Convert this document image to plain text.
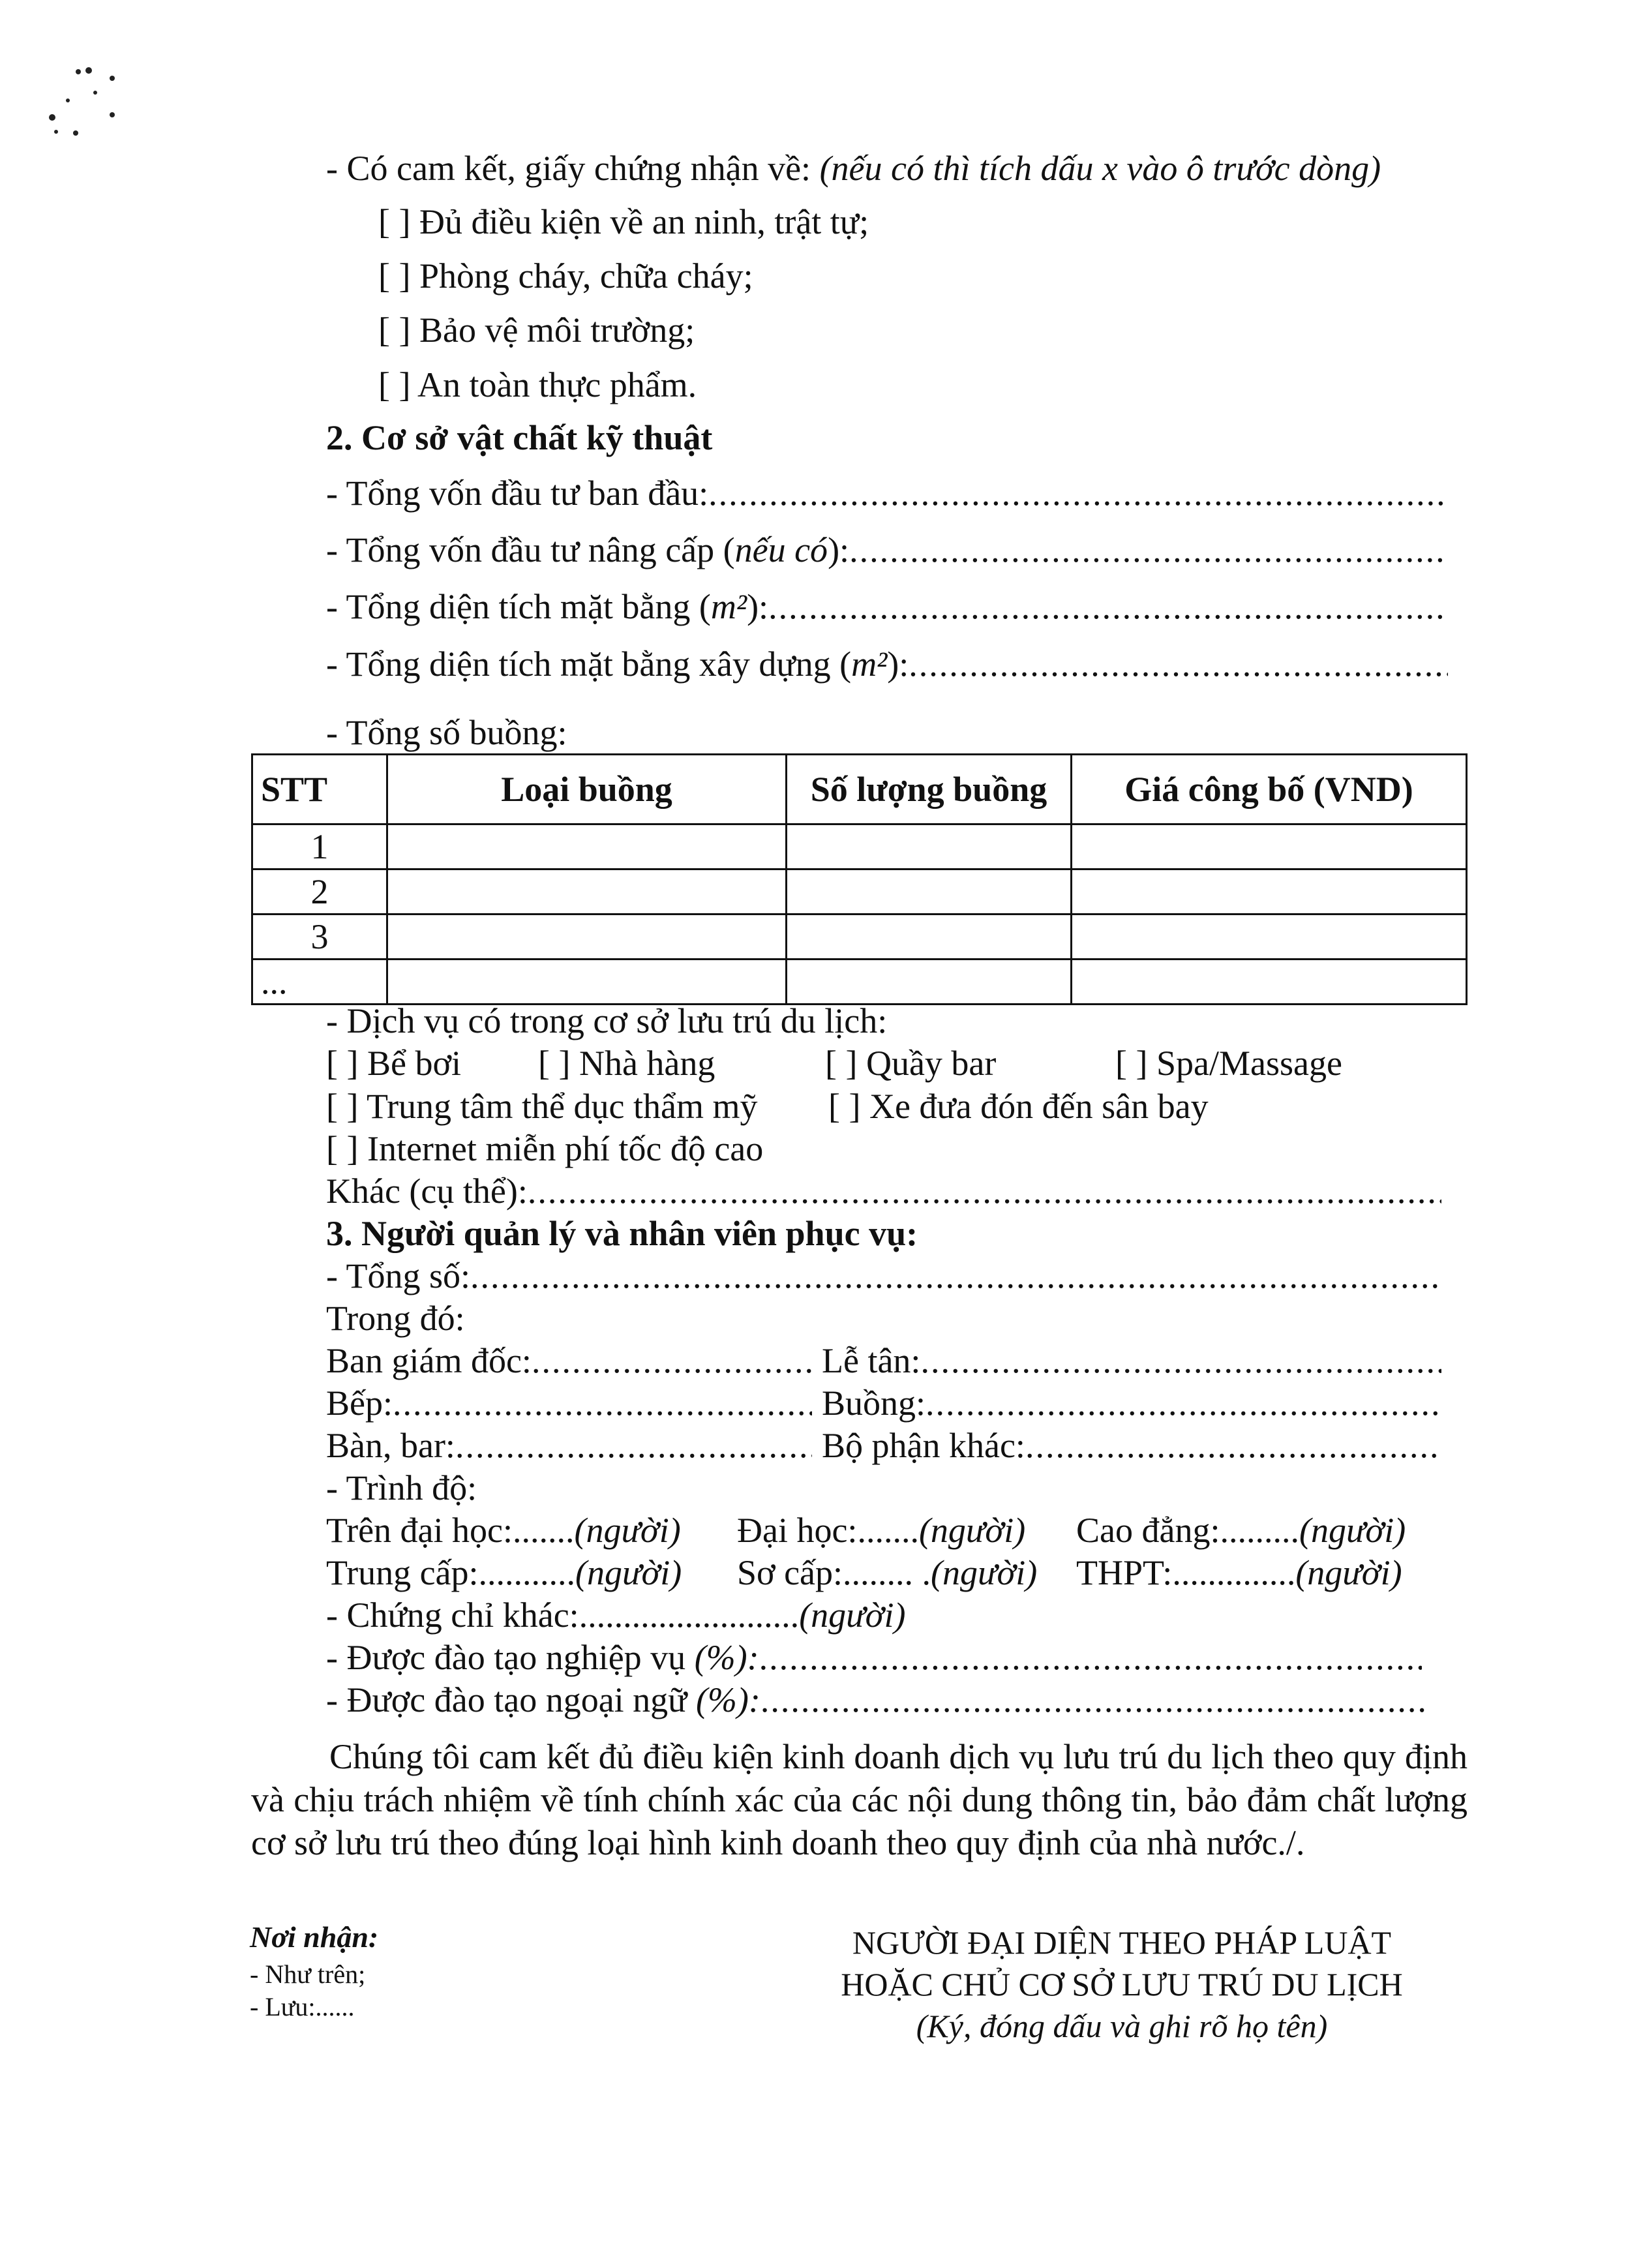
- Có cam kết, giấy chứng nhận về: (nếu có thì tích dấu x vào ô trước dòng)
[ ] Đủ điều kiện về an ninh, trật tự;
[ ] Phòng cháy, chữa cháy;
[ ] Bảo vệ môi trường;
[ ] An toàn thực phẩm.
2. Cơ sở vật chất kỹ thuật
- Tổng vốn đầu tư ban đầu:
.....
- Tổng vốn đầu tư nâng cấp (nếu có):
.....
- Tổng diện tích mặt bằng (m²):
.....
- Tổng diện tích mặt bằng xây dựng (m²):
.....
- Tổng số buồng:
STT	Loại buồng	Số lượng buồng	Giá công bố (VND)
1			
2			
3			
...			
- Dịch vụ có trong cơ sở lưu trú du lịch:
[ ] Bể bơi [ ] Nhà hàng	[ ] Quầy bar	[ ] Spa/Massage
[ ] Trung tâm thể dục thẩm mỹ [ ] Xe đưa đón đến sân bay
[ ] Internet miễn phí tốc độ cao
Khác (cụ thể):
.....
3. Người quản lý và nhân viên phục vụ:
- Tổng số:
.....
Trong đó:
Ban giám đốc: .....	Lễ tân:
.....
Bếp: .....	Buồng:
.....
Bàn, bar: .....	Bộ phận khác:
.....
- Trình độ:
Trên đại học:.......(người) Đại học:.......(người) Cao đẳng:.........(người)
Trung cấp:...........(người) Sơ cấp:........ .(người) THPT:..............(người)
- Chứng chỉ khác:.........................(người)
- Được đào tạo nghiệp vụ (%):
.....
- Được đào tạo ngoại ngữ (%):
.....
Chúng tôi cam kết đủ điều kiện kinh doanh dịch vụ lưu trú du lịch theo quy định và chịu trách nhiệm về tính chính xác của các nội dung thông tin, bảo đảm chất lượng cơ sở lưu trú theo đúng loại hình kinh doanh theo quy định của nhà nước./.
Nơi nhận:
- Như trên;
- Lưu:......
NGƯỜI ĐẠI DIỆN THEO PHÁP LUẬT
HOẶC CHỦ CƠ SỞ LƯU TRÚ DU LỊCH
(Ký, đóng dấu và ghi rõ họ tên)
